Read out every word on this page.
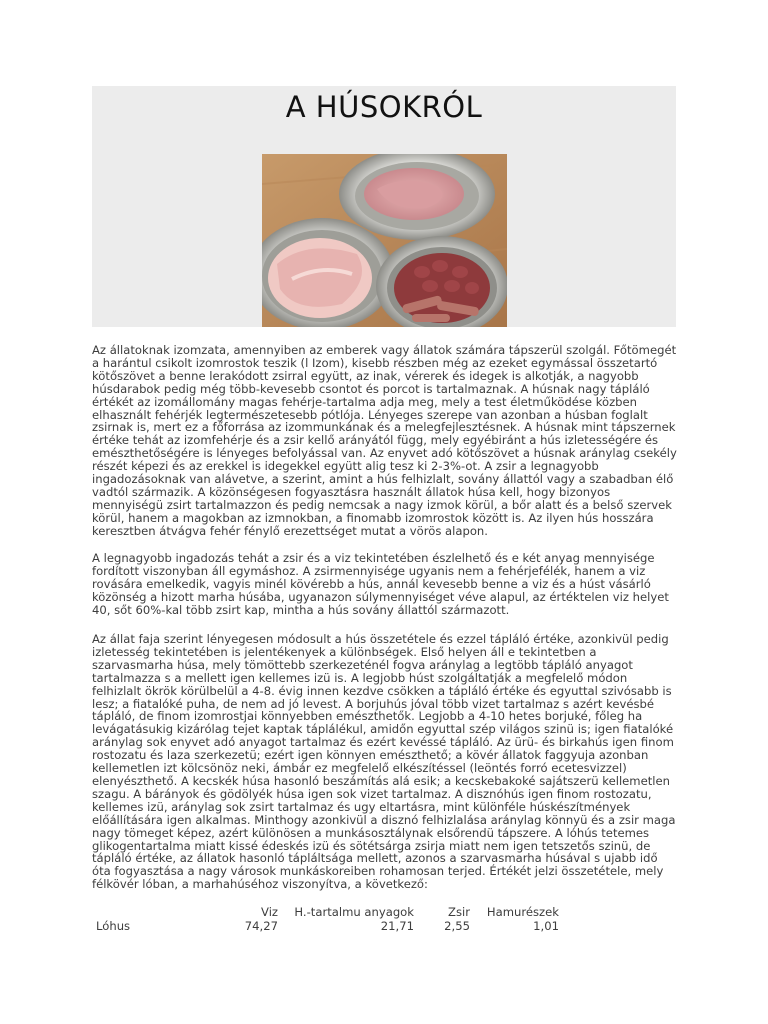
A HÚSOKRÓL

Az állatoknak izomzata, amennyiben az emberek vagy állatok számára tápszerül szolgál. Főtömegét a harántul csikolt izomrostok teszik (l Izom), kisebb részben még az ezeket egymással összetartó kötőszövet a benne lerakódott zsirral együtt, az inak, vérerek és idegek is alkotják, a nagyobb húsdarabok pedig még több-kevesebb csontot és porcot is tartalmaznak. A húsnak nagy tápláló értékét az izomállomány magas fehérje-tartalma adja meg, mely a test életműködése közben elhasznált fehérjék legtermészetesebb pótlója. Lényeges szerepe van azonban a húsban foglalt zsirnak is, mert ez a főforrása az izommunkának és a melegfejlesztésnek. A húsnak mint tápszernek értéke tehát az izomfehérje és a zsir kellő arányától függ, mely egyébiránt a hús izletességére és emészthetőségére is lényeges befolyással van. Az enyvet adó kötőszövet a húsnak aránylag csekély részét képezi és az erekkel is idegekkel együtt alig tesz ki 2-3%-ot. A zsir a legnagyobb ingadozásoknak van alávetve, a szerint, amint a hús felhizlalt, sovány állattól vagy a szabadban élő vadtól származik. A közönségesen fogyasztásra használt állatok húsa kell, hogy bizonyos mennyiségü zsirt tartalmazzon és pedig nemcsak a nagy izmok körül, a bőr alatt és a belső szervek körül, hanem a magokban az izmnokban, a finomabb izomrostok között is. Az ilyen hús hosszára keresztben átvágva fehér fénylő erezettséget mutat a vörös alapon.

A legnagyobb ingadozás tehát a zsir és a viz tekintetében észlelhető és e két anyag mennyisége fordított viszonyban áll egymáshoz. A zsirmennyisége ugyanis nem a fehérjefélék, hanem a viz rovására emelkedik, vagyis minél kövérebb a hús, annál kevesebb benne a viz és a húst vásárló közönség a hizott marha húsába, ugyanazon súlymennyiséget véve alapul, az értéktelen viz helyet 40, sőt 60%-kal több zsirt kap, mintha a hús sovány állattól származott.

Az állat faja szerint lényegesen módosult a hús összetétele és ezzel tápláló értéke, azonkivül pedig izletesség tekintetében is jelentékenyek a különbségek. Első helyen áll e tekintetben a szarvasmarha húsa, mely tömöttebb szerkezeténél fogva aránylag a legtöbb tápláló anyagot tartalmazza s a mellett igen kellemes izü is. A legjobb húst szolgáltatják a megfelelő módon felhizlalt ökrök körülbelül a 4-8. évig innen kezdve csökken a tápláló értéke és egyuttal szivósabb is lesz; a fiatalóké puha, de nem ad jó levest. A borjuhús jóval több vizet tartalmaz s azért kevésbé tápláló, de finom izomrostjai könnyebben emészthetők. Legjobb a 4-10 hetes borjuké, főleg ha levágatásukig kizárólag tejet kaptak táplálékul, amidőn egyuttal szép világos szinü is; igen fiatalóké aránylag sok enyvet adó anyagot tartalmaz és ezért kevéssé tápláló. Az ürü- és birkahús igen finom rostozatu és laza szerkezetü; ezért igen könnyen emészthető; a kövér állatok faggyuja azonban kellemetlen izt kölcsönöz neki, ámbár ez megfelelő elkészítéssel (leöntés forró ecetesvizzel) elenyészthető. A kecskék húsa hasonló beszámítás alá esik; a kecskebakoké sajátszerü kellemetlen szagu. A bárányok és gödölyék húsa igen sok vizet tartalmaz. A disznóhús igen finom rostozatu, kellemes izü, aránylag sok zsirt tartalmaz és ugy eltartásra, mint különféle húskészítmények előállítására igen alkalmas. Minthogy azonkivül a disznó felhizlalása aránylag könnyü és a zsir maga nagy tömeget képez, azért különösen a munkásosztálynak elsőrendü tápszere. A lóhús tetemes glikogentartalma miatt kissé édeskés izü és sötétsárga zsirja miatt nem igen tetszetős szinü, de tápláló értéke, az állatok hasonló tápláltsága mellett, azonos a szarvasmarha húsával s ujabb idő óta fogyasztása a nagy városok munkáskoreiben rohamosan terjed. Értékét jelzi összetétele, mely félkövér lóban, a marhahúséhoz viszonyítva, a következő:

	Viz	H.-tartalmu anyagok	Zsir	Hamurészek
Lóhus	74,27	21,71	2,55	1,01
